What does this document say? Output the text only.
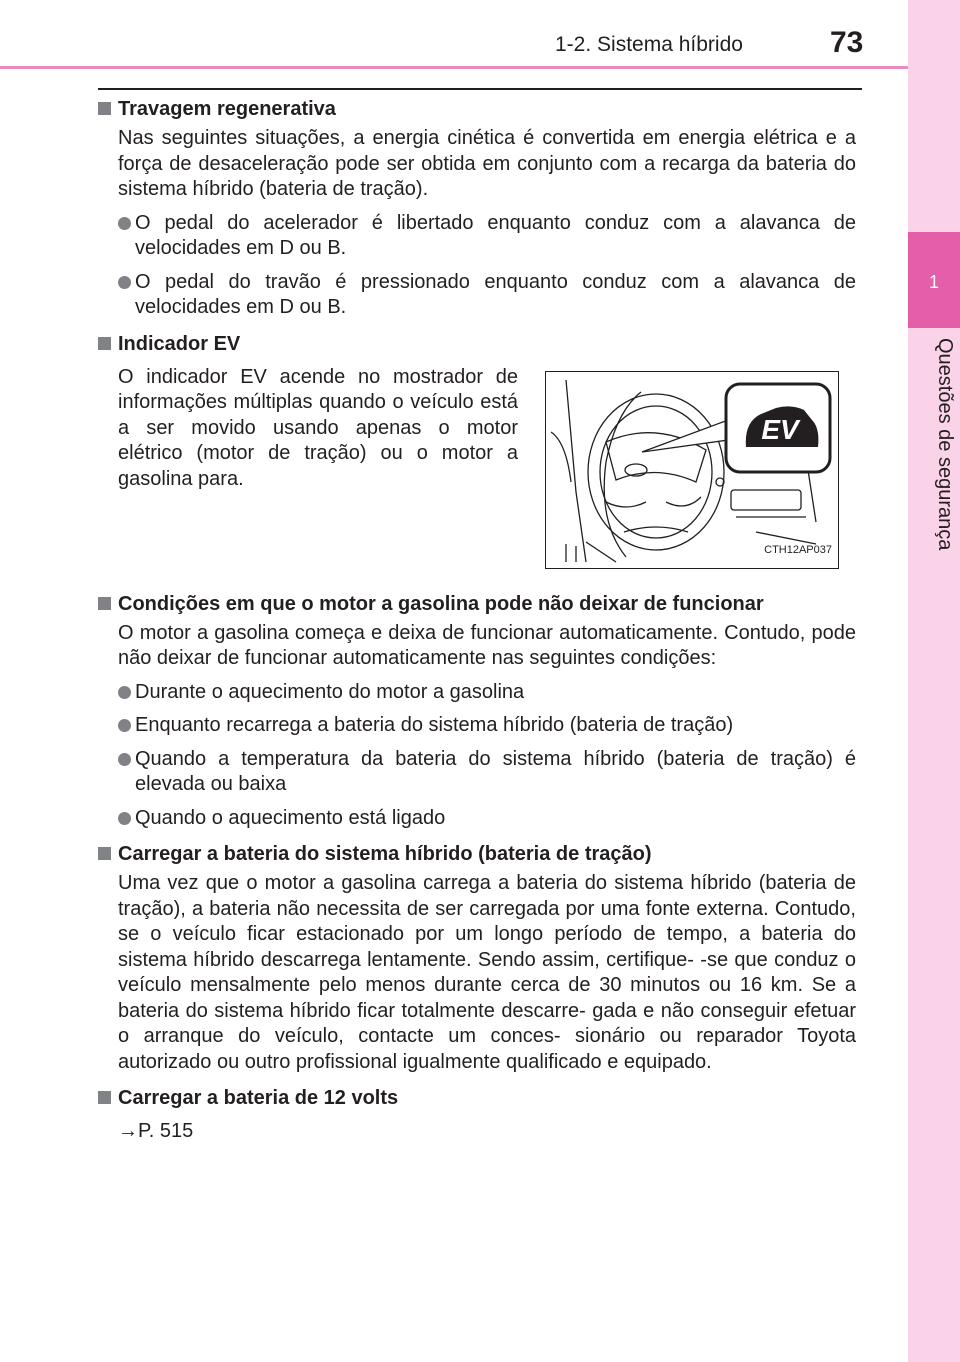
1-2. Sistema híbrido	73
1
Questões de segurança
Travagem regenerativa
Nas seguintes situações, a energia cinética é convertida em energia elétrica e a força de desaceleração pode ser obtida em conjunto com a recarga da bateria do sistema híbrido (bateria de tração).
O pedal do acelerador é libertado enquanto conduz com a alavanca de velocidades em D ou B.
O pedal do travão é pressionado enquanto conduz com a alavanca de velocidades em D ou B.
Indicador EV
O indicador EV acende no mostrador de informações múltiplas quando o veículo está a ser movido usando apenas o motor elétrico (motor de tração) ou o motor a gasolina para.
EV
CTH12AP037
Condições em que o motor a gasolina pode não deixar de funcionar
O motor a gasolina começa e deixa de funcionar automaticamente. Contudo, pode não deixar de funcionar automaticamente nas seguintes condições:
Durante o aquecimento do motor a gasolina
Enquanto recarrega a bateria do sistema híbrido (bateria de tração)
Quando a temperatura da bateria do sistema híbrido (bateria de tração) é elevada ou baixa
Quando o aquecimento está ligado
Carregar a bateria do sistema híbrido (bateria de tração)
Uma vez que o motor a gasolina carrega a bateria do sistema híbrido (bateria de tração), a bateria não necessita de ser carregada por uma fonte externa. Contudo, se o veículo ficar estacionado por um longo período de tempo, a bateria do sistema híbrido descarrega lentamente. Sendo assim, certifique- -se que conduz o veículo mensalmente pelo menos durante cerca de 30 minutos ou 16 km. Se a bateria do sistema híbrido ficar totalmente descarre- gada e não conseguir efetuar o arranque do veículo, contacte um conces- sionário ou reparador Toyota autorizado ou outro profissional igualmente qualificado e equipado.
Carregar a bateria de 12 volts
→P. 515
